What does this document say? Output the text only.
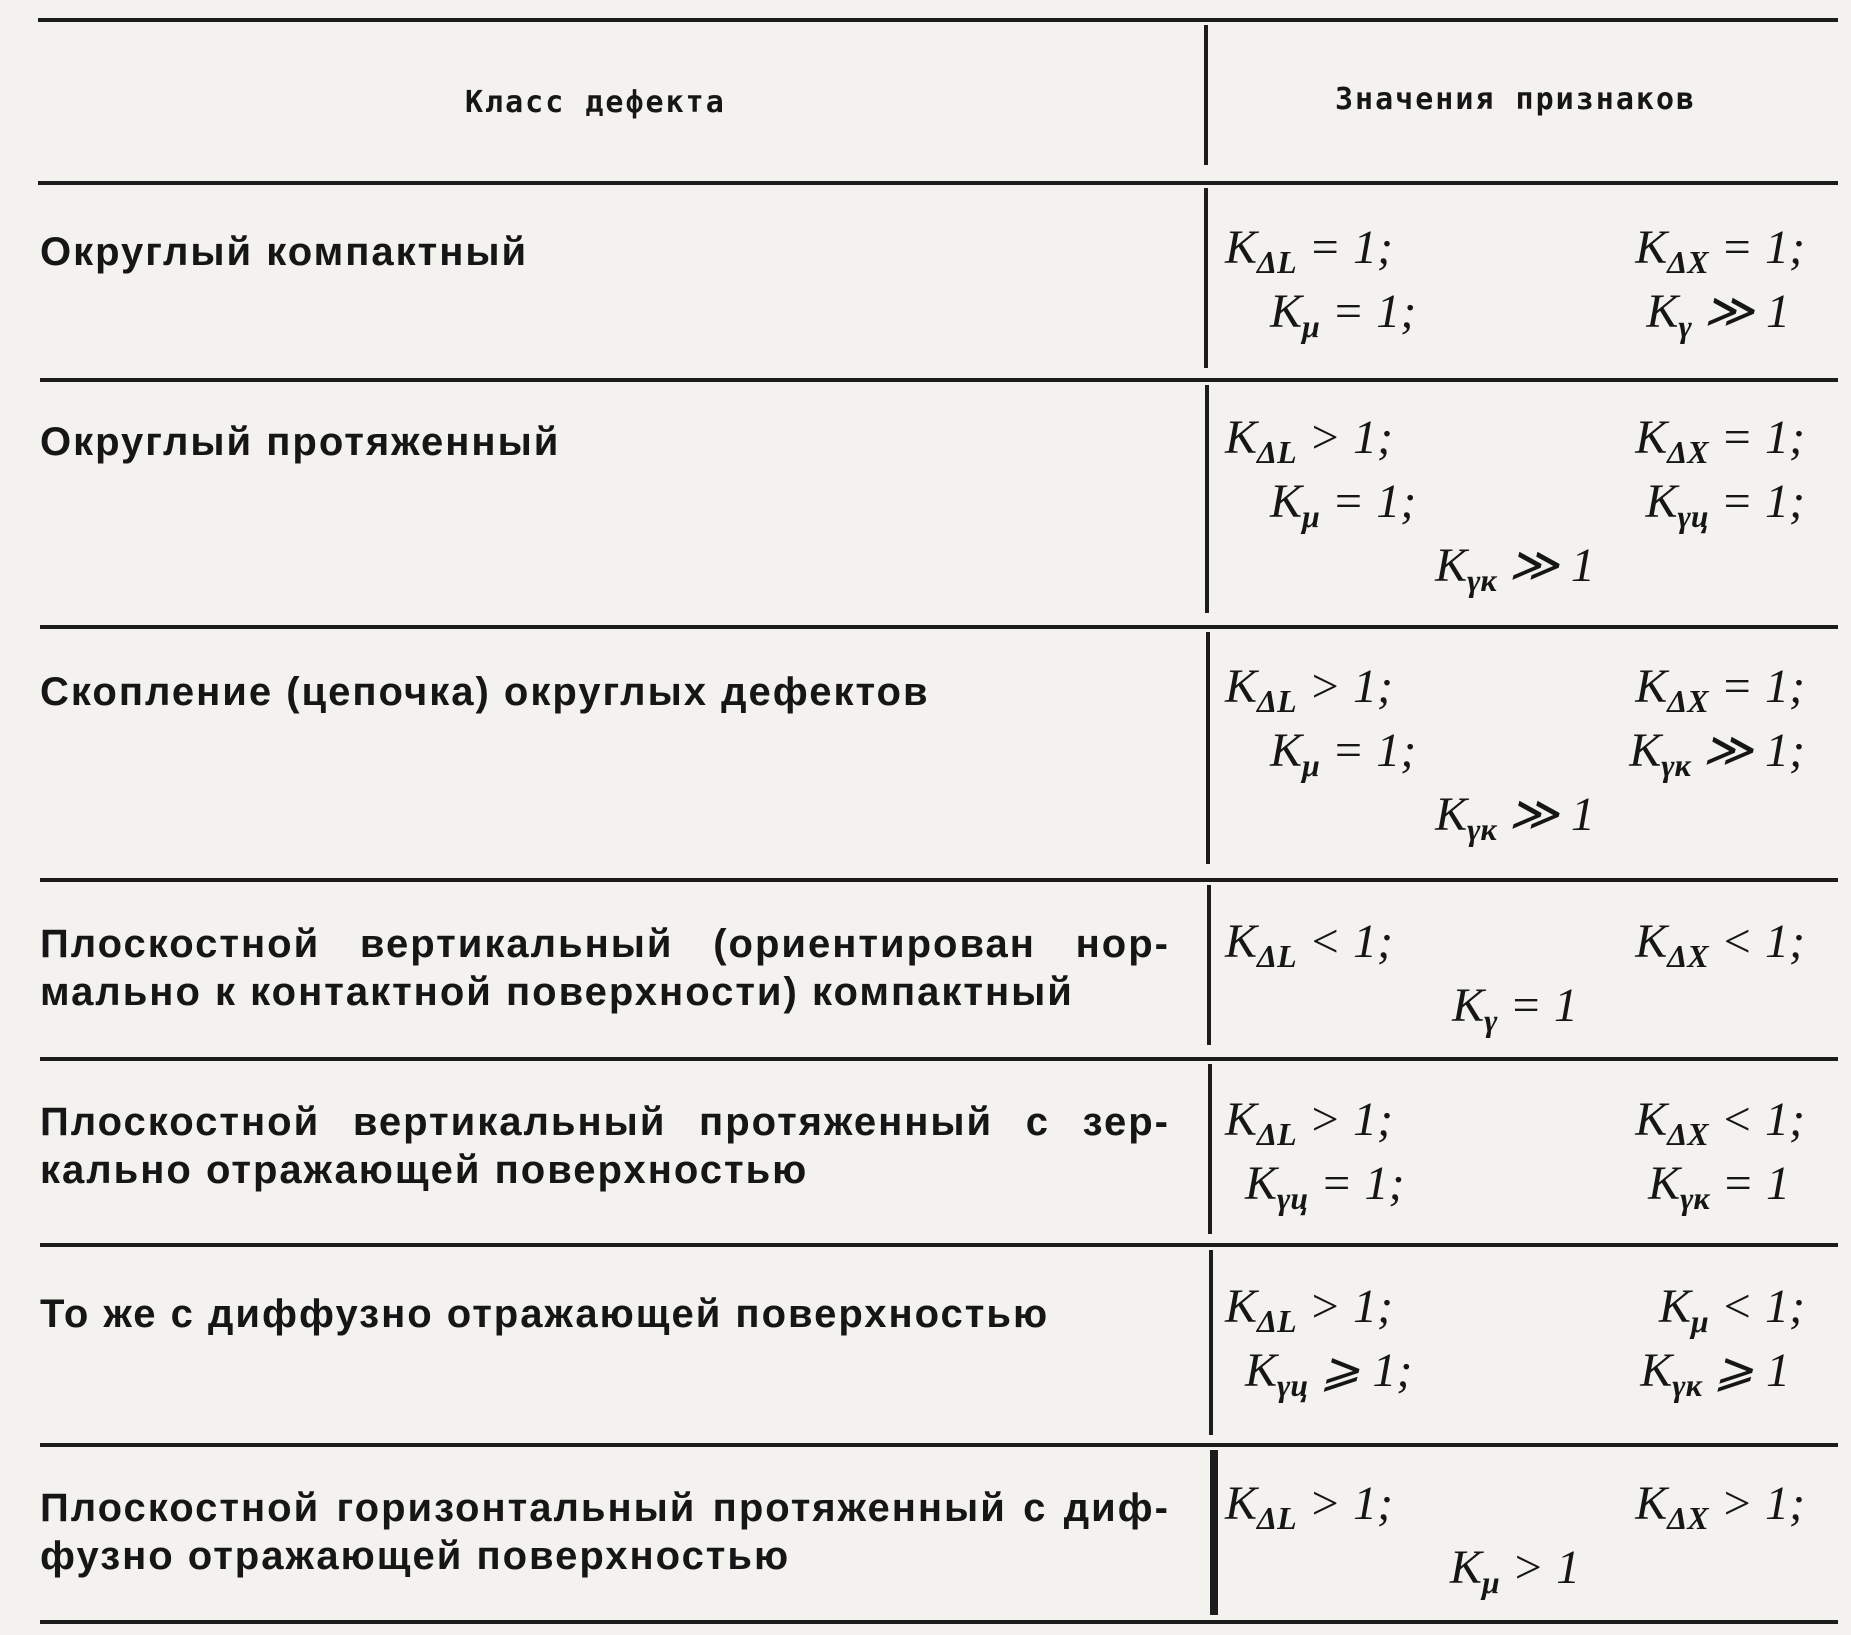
Класс дефекта	Значения признаков
Округлый компактный	$K_{\Delta L} = 1$;	$K_{\Delta X} = 1$;
$K_\mu = 1$;	$K_\gamma$ ≫ 1
Округлый протяженный	$K_{\Delta L} > 1$;	$K_{\Delta X} = 1$;
$K_\mu = 1$;	$K_{\gamma ц} = 1$;
$K_{\gamma к}$ ≫ 1
Скопление (цепочка) округлых дефектов	$K_{\Delta L} > 1$;	$K_{\Delta X} = 1$;
$K_\mu = 1$;	$K_{\gamma к}$ ≫ 1;
$K_{\gamma к}$ ≫ 1
Плоскостной вертикальный (ориентирован нор-мально к контактной поверхности) компактный
$K_{\Delta L} < 1$;	$K_{\Delta X} < 1$;
$K_\gamma = 1$
Плоскостной вертикальный протяженный с зер-кально отражающей поверхностью
$K_{\Delta L} > 1$;	$K_{\Delta X} < 1$;
$K_{\gamma ц} = 1$;	$K_{\gamma к} = 1$
То же с диффузно отражающей поверхностью	$K_{\Delta L} > 1$;	$K_\mu < 1$;
$K_{\gamma ц}$ ⩾ 1;	$K_{\gamma к}$ ⩾ 1
Плоскостной горизонтальный протяженный с диф-фузно отражающей поверхностью
$K_{\Delta L} > 1$;	$K_{\Delta X} > 1$;
$K_\mu > 1$
